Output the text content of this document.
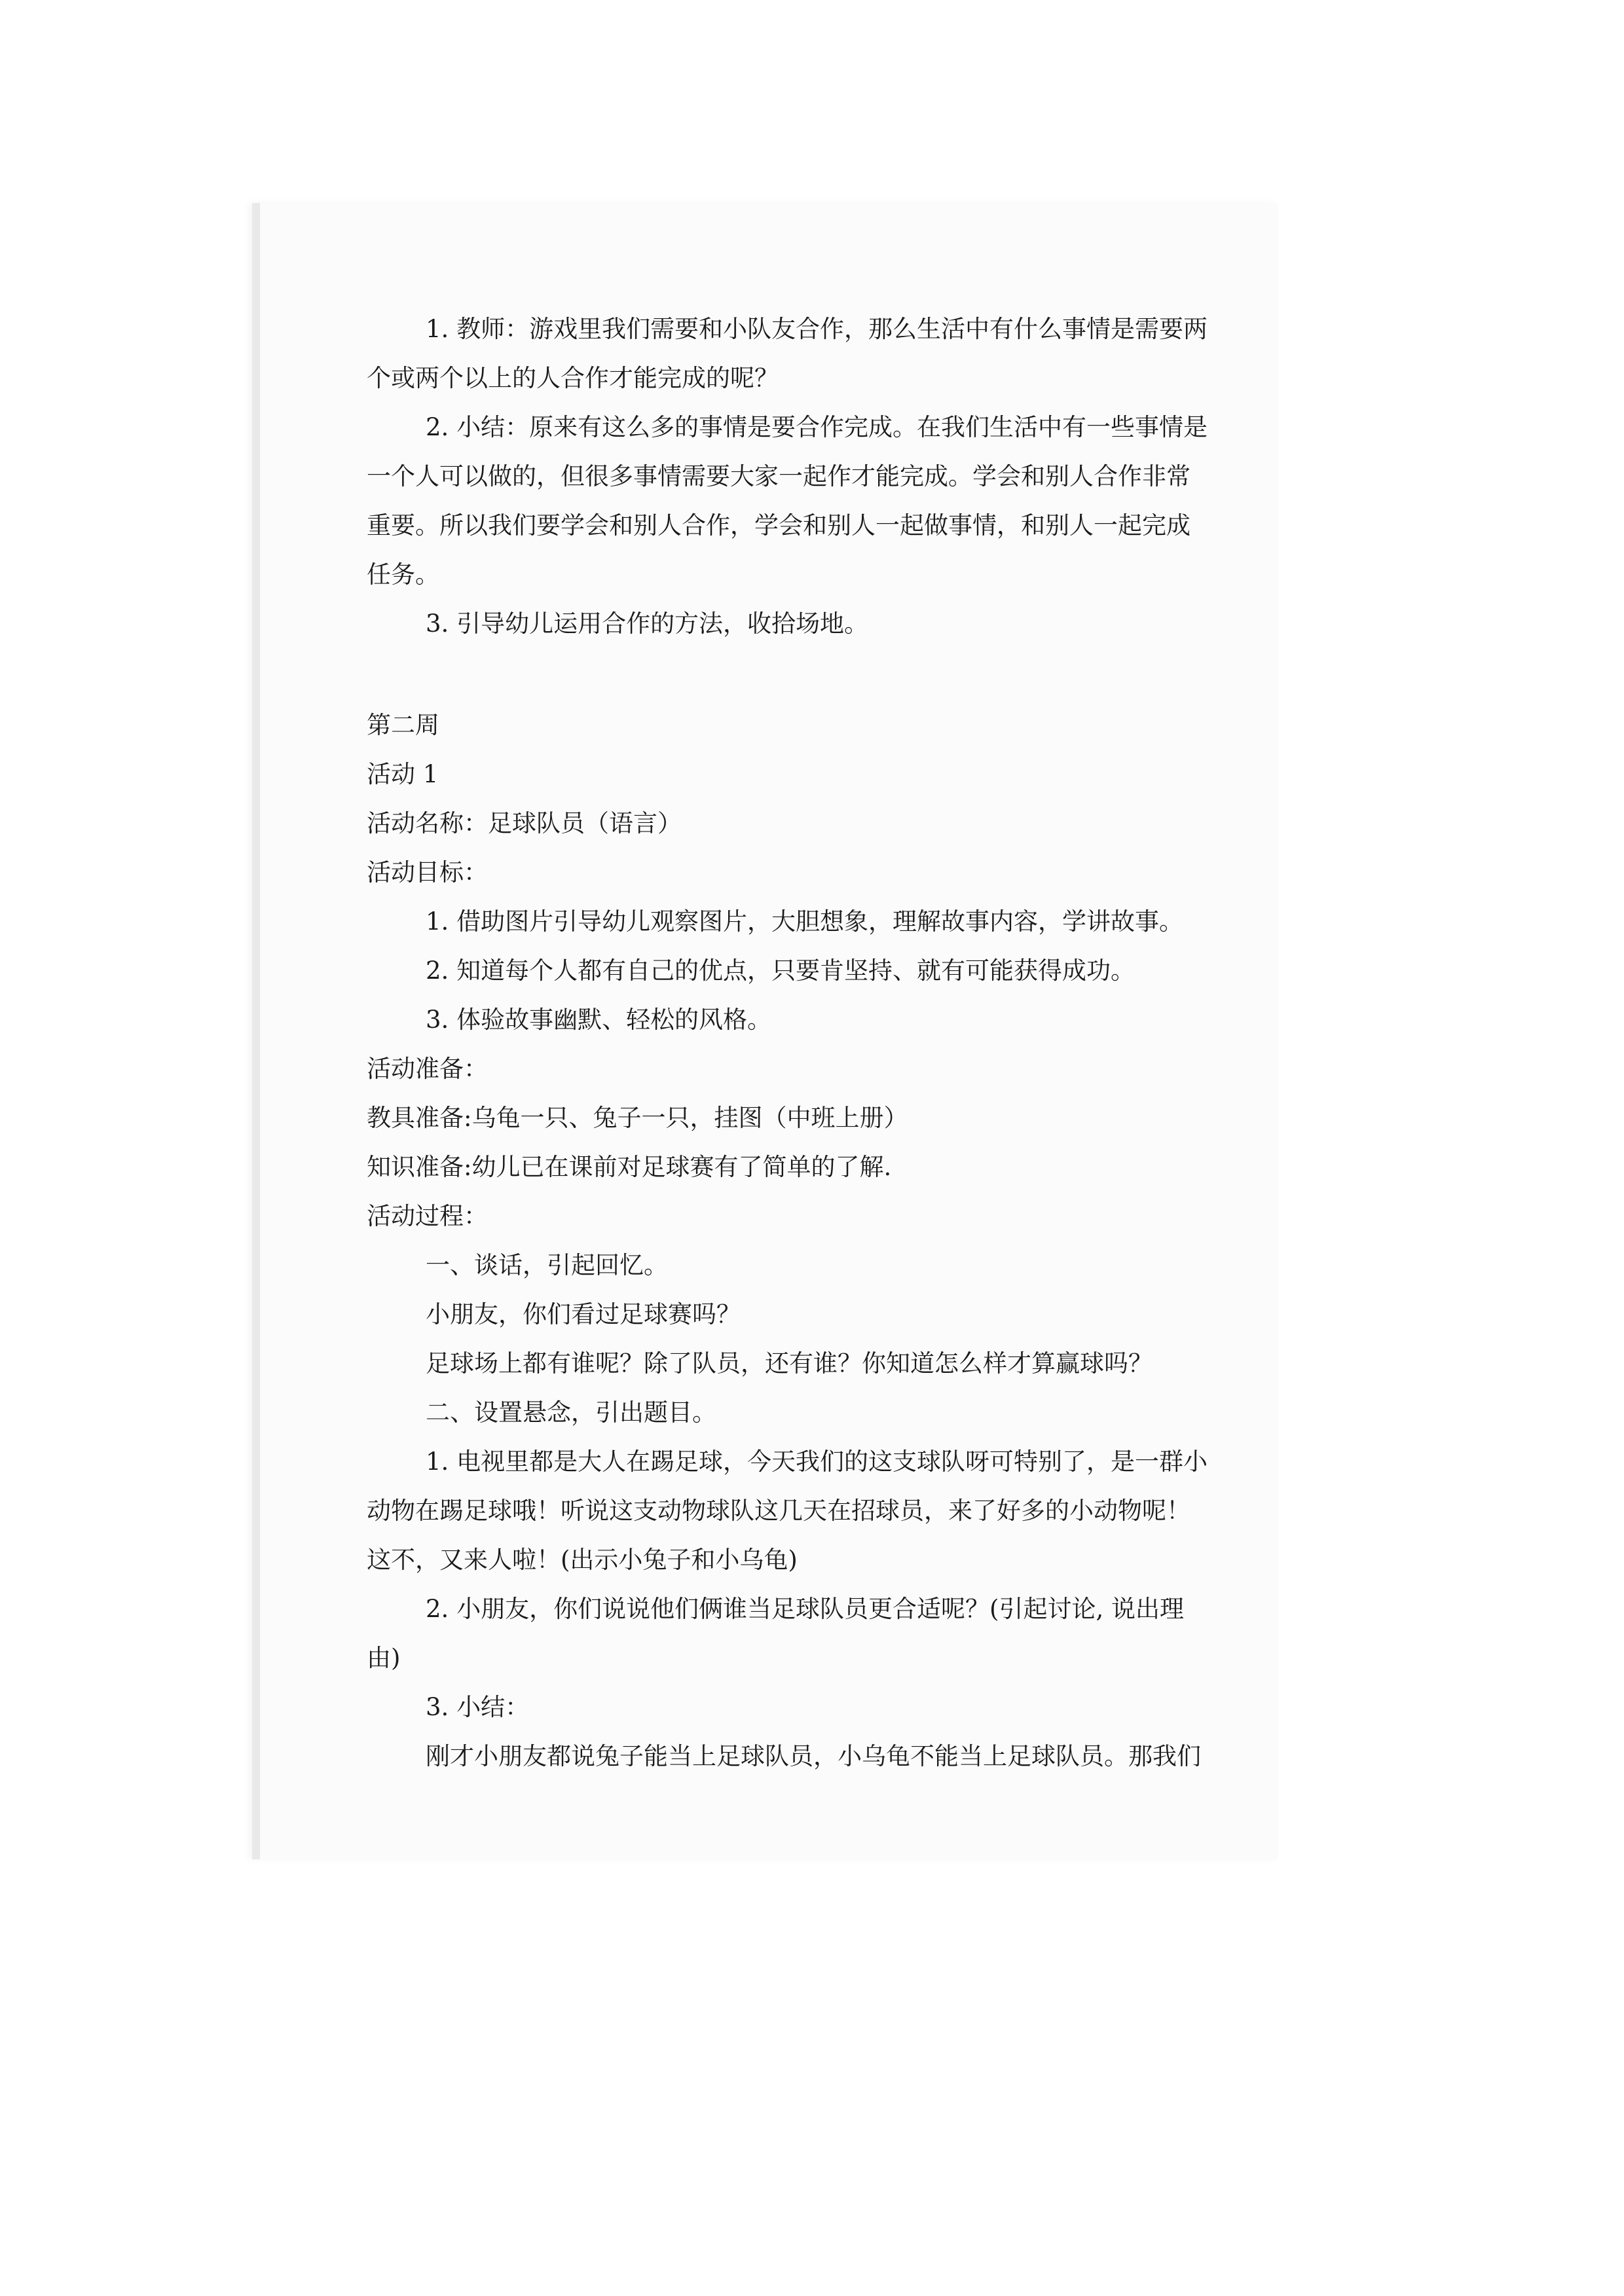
1. 教师：游戏里我们需要和小队友合作，那么生活中有什么事情是需要两

个或两个以上的人合作才能完成的呢？

2. 小结：原来有这么多的事情是要合作完成。在我们生活中有一些事情是

一个人可以做的，但很多事情需要大家一起作才能完成。学会和别人合作非常

重要。所以我们要学会和别人合作，学会和别人一起做事情，和别人一起完成

任务。

3. 引导幼儿运用合作的方法，收拾场地。

第二周

活动 1

活动名称：足球队员（语言）

活动目标：

1. 借助图片引导幼儿观察图片，大胆想象，理解故事内容，学讲故事。

2. 知道每个人都有自己的优点，只要肯坚持、就有可能获得成功。

3. 体验故事幽默、轻松的风格。

活动准备：

教具准备:乌龟一只、兔子一只，挂图（中班上册）

知识准备:幼儿已在课前对足球赛有了简单的了解.

活动过程：

一、谈话，引起回忆。

小朋友，你们看过足球赛吗？

足球场上都有谁呢？除了队员，还有谁？你知道怎么样才算赢球吗？

二、设置悬念，引出题目。

1. 电视里都是大人在踢足球，今天我们的这支球队呀可特别了，是一群小

动物在踢足球哦！听说这支动物球队这几天在招球员，来了好多的小动物呢！

这不，又来人啦！(出示小兔子和小乌龟)

2. 小朋友，你们说说他们俩谁当足球队员更合适呢？(引起讨论, 说出理

由)

3. 小结：

刚才小朋友都说兔子能当上足球队员，小乌龟不能当上足球队员。那我们
